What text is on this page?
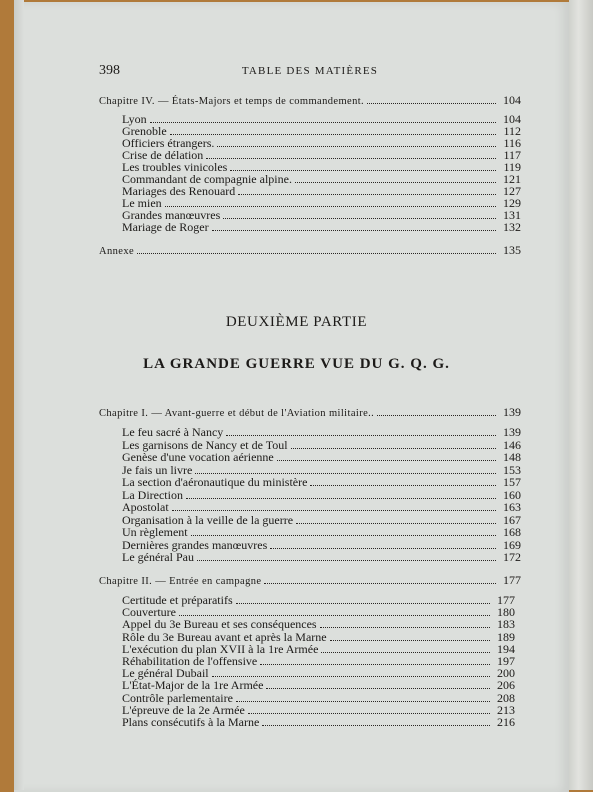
398	TABLE DES MATIÈRES
Chapitre IV. — États-Majors et temps de commandement.	104
Lyon	104
Grenoble	112
Officiers étrangers.	116
Crise de délation	117
Les troubles vinicoles	119
Commandant de compagnie alpine.	121
Mariages des Renouard	127
Le mien	129
Grandes manœuvres	131
Mariage de Roger	132
Annexe	135
DEUXIÈME PARTIE
LA GRANDE GUERRE VUE DU G. Q. G.
Chapitre I. — Avant-guerre et début de l'Aviation militaire..	139
Le feu sacré à Nancy	139
Les garnisons de Nancy et de Toul	146
Genèse d'une vocation aérienne	148
Je fais un livre	153
La section d'aéronautique du ministère	157
La Direction	160
Apostolat	163
Organisation à la veille de la guerre	167
Un règlement	168
Dernières grandes manœuvres	169
Le général Pau	172
Chapitre II. — Entrée en campagne	177
Certitude et préparatifs	177
Couverture	180
Appel du 3e Bureau et ses conséquences	183
Rôle du 3e Bureau avant et après la Marne	189
L'exécution du plan XVII à la 1re Armée	194
Réhabilitation de l'offensive	197
Le général Dubail	200
L'État-Major de la 1re Armée	206
Contrôle parlementaire	208
L'épreuve de la 2e Armée	213
Plans consécutifs à la Marne	216
